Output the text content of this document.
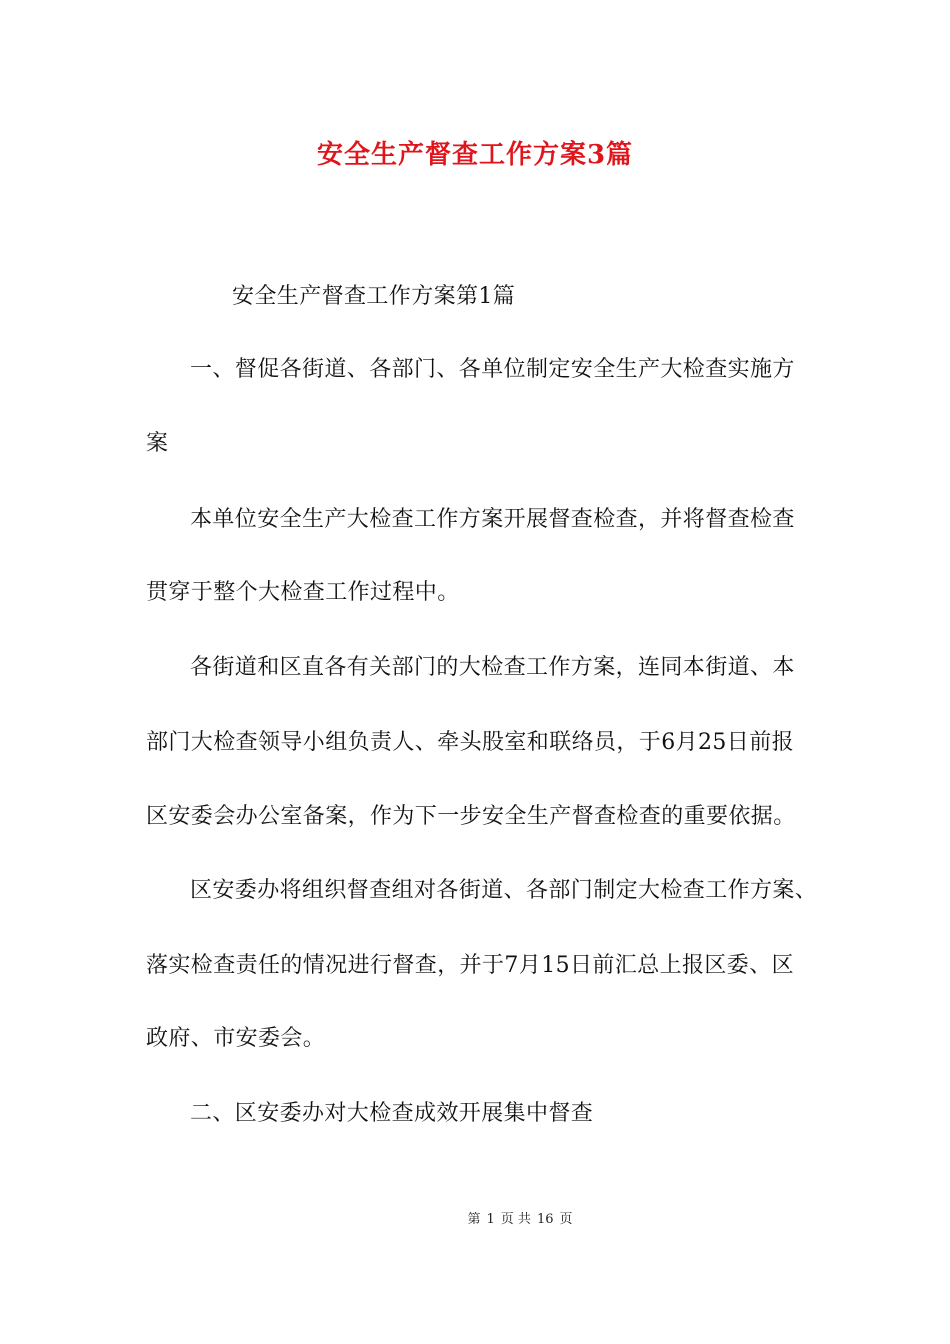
安全生产督查工作方案3篇
安全生产督查工作方案第1篇
一、督促各街道、各部门、各单位制定安全生产大检查实施方
案
本单位安全生产大检查工作方案开展督查检查，并将督查检查
贯穿于整个大检查工作过程中。
各街道和区直各有关部门的大检查工作方案，连同本街道、本
部门大检查领导小组负责人、牵头股室和联络员，于6月25日前报
区安委会办公室备案，作为下一步安全生产督查检查的重要依据。
区安委办将组织督查组对各街道、各部门制定大检查工作方案、
落实检查责任的情况进行督查，并于7月15日前汇总上报区委、区
政府、市安委会。
二、区安委办对大检查成效开展集中督查
第 1 页 共 16 页
